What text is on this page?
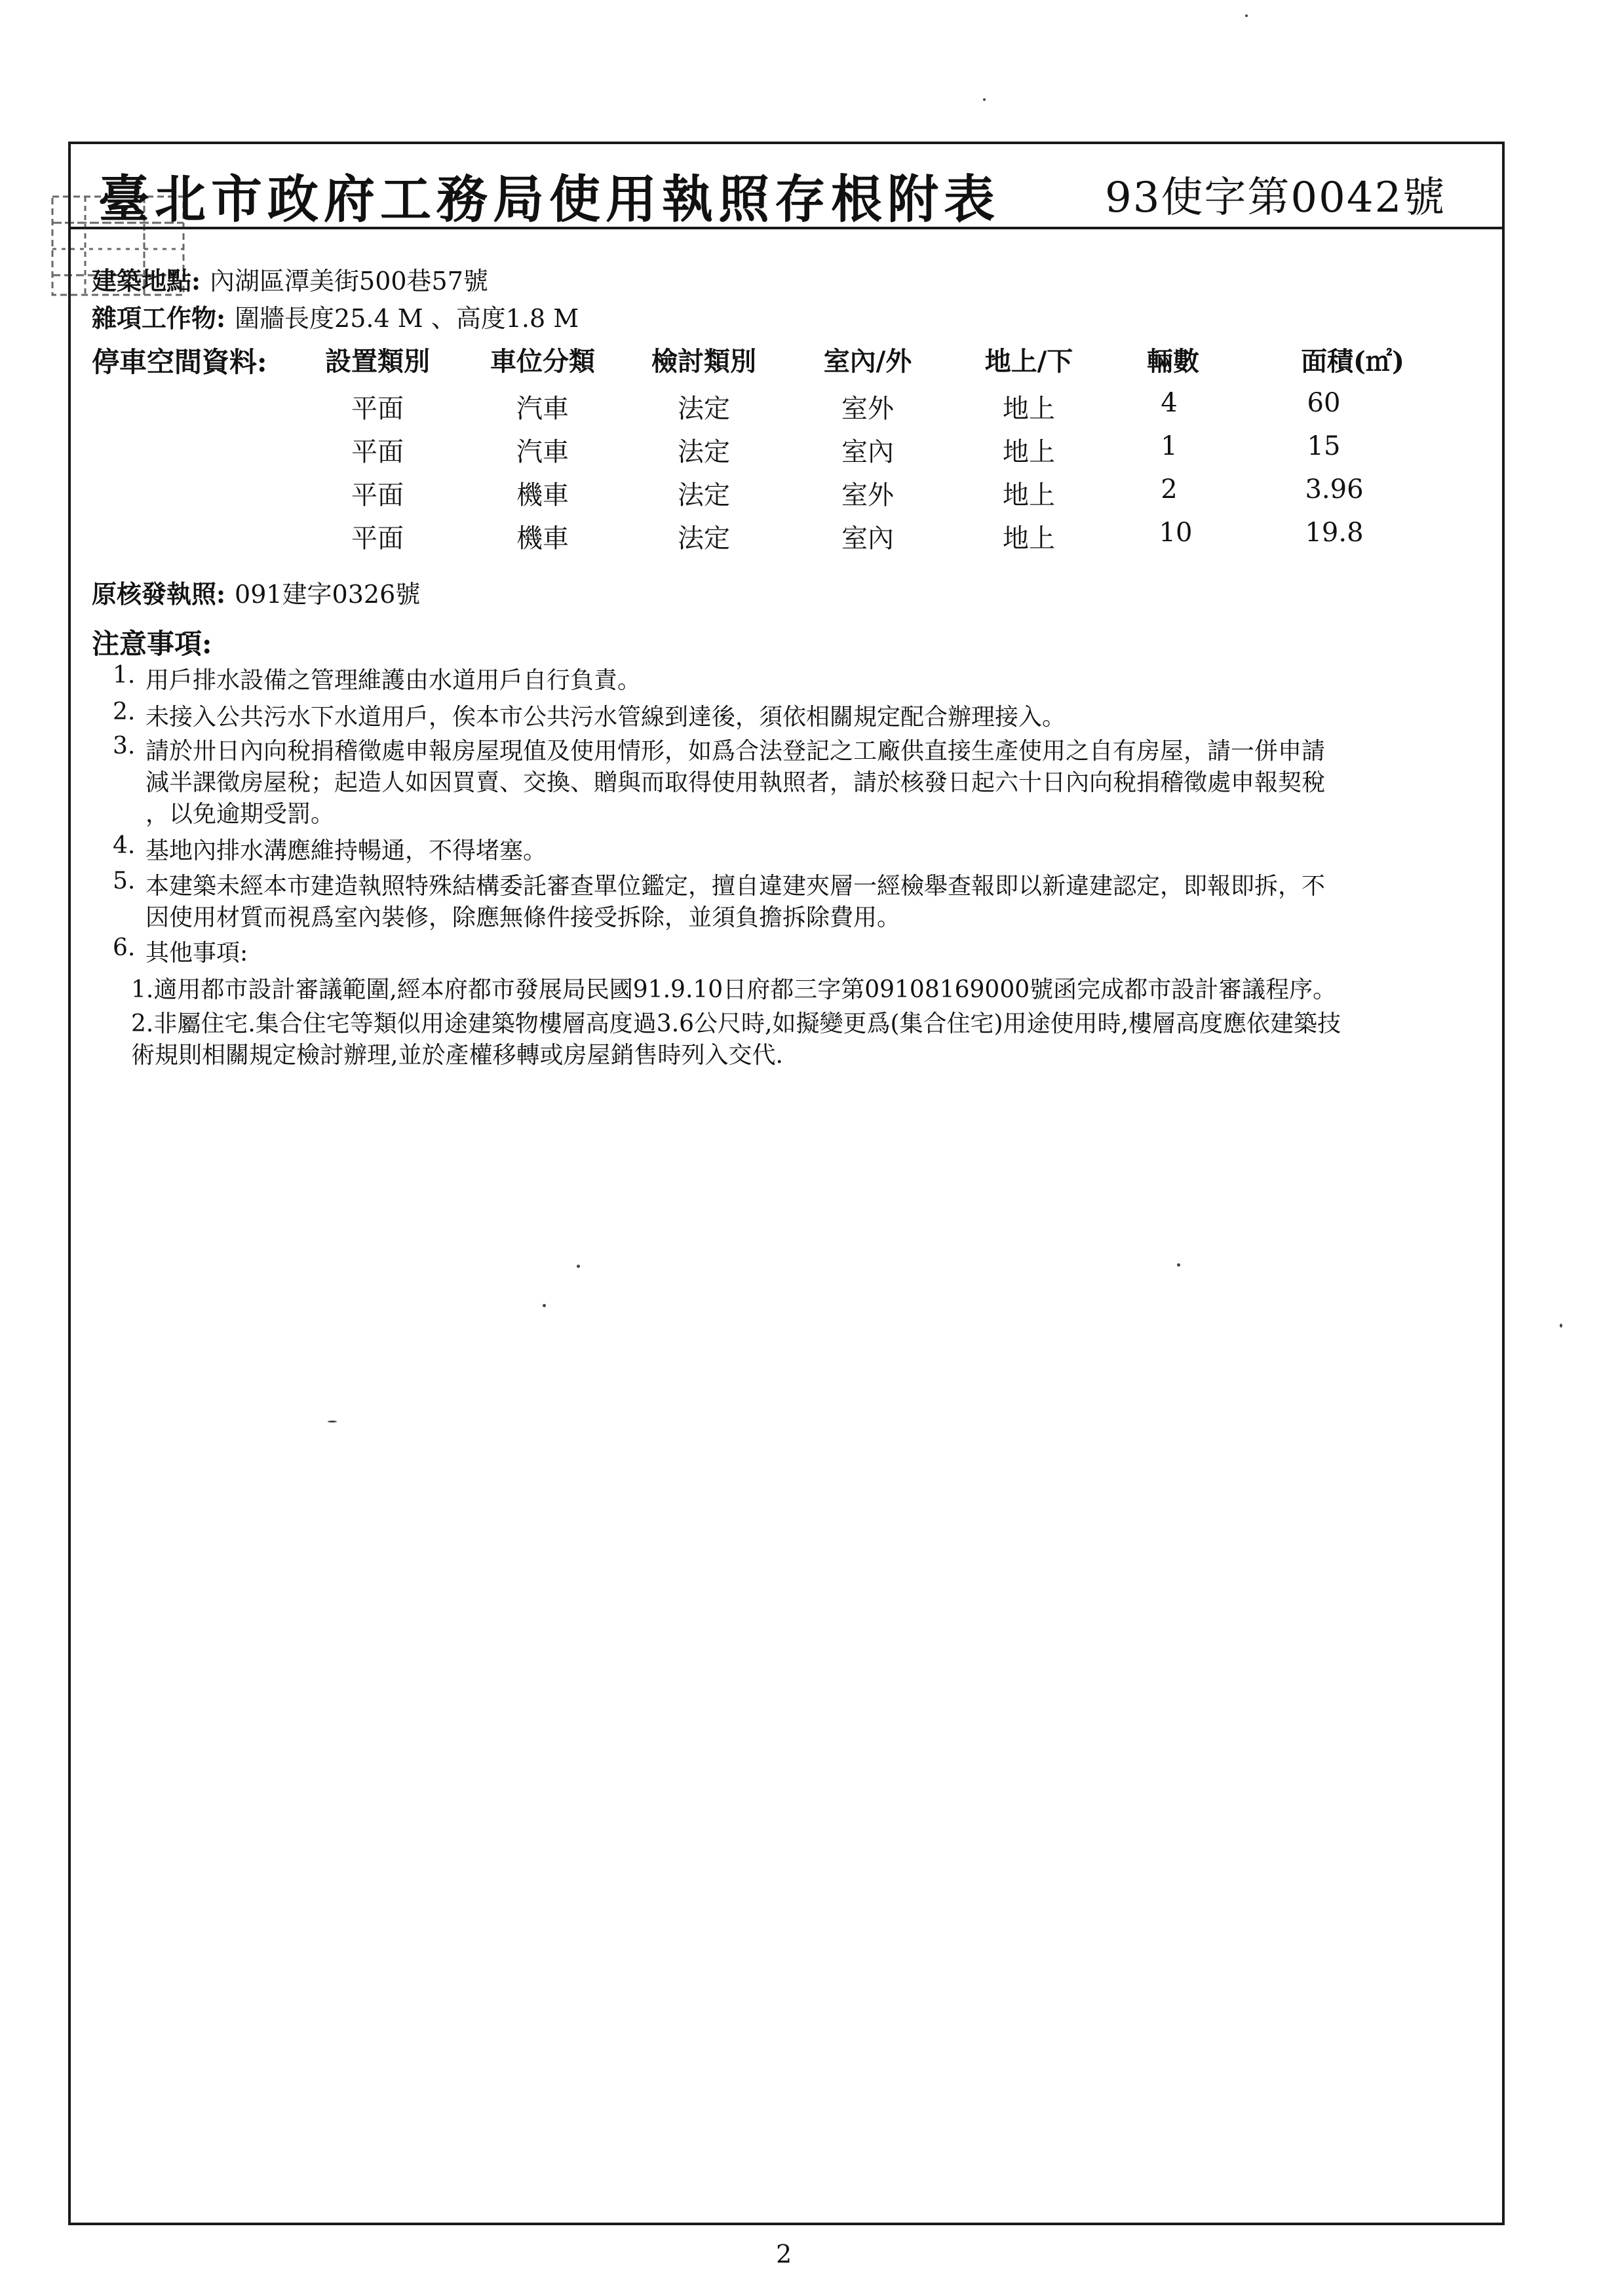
臺北市政府工務局使用執照存根附表 93使字第0042號
建築地點: 內湖區潭美街500巷57號
雜項工作物: 圍牆長度25.4 M 、高度1.8 M
停車空間資料:	設置類別	車位分類	檢討類別	室內/外	地上/下	輛數	面積(㎡)
平面	汽車	法定	室外	地上	4	60
平面	汽車	法定	室內	地上	1	15
平面	機車	法定	室外	地上	2	3.96
平面	機車	法定	室內	地上	10	19.8
原核發執照: 091建字0326號
注意事項:
1. 用戶排水設備之管理維護由水道用戶自行負責。
2. 未接入公共污水下水道用戶，俟本市公共污水管線到達後，須依相關規定配合辦理接入。
3. 請於卅日內向稅捐稽徵處申報房屋現值及使用情形，如爲合法登記之工廠供直接生產使用之自有房屋，請一併申請
減半課徵房屋稅；起造人如因買賣、交換、贈與而取得使用執照者，請於核發日起六十日內向稅捐稽徵處申報契稅
，以免逾期受罰。
4. 基地內排水溝應維持暢通，不得堵塞。
5. 本建築未經本市建造執照特殊結構委託審查單位鑑定，擅自違建夾層一經檢舉查報即以新違建認定，即報即拆，不
因使用材質而視爲室內裝修，除應無條件接受拆除，並須負擔拆除費用。
6. 其他事項:
1.適用都市設計審議範圍,經本府都市發展局民國91.9.10日府都三字第09108169000號函完成都市設計審議程序。
2.非屬住宅.集合住宅等類似用途建築物樓層高度過3.6公尺時,如擬變更爲(集合住宅)用途使用時,樓層高度應依建築技
術規則相關規定檢討辦理,並於產權移轉或房屋銷售時列入交代.
2
